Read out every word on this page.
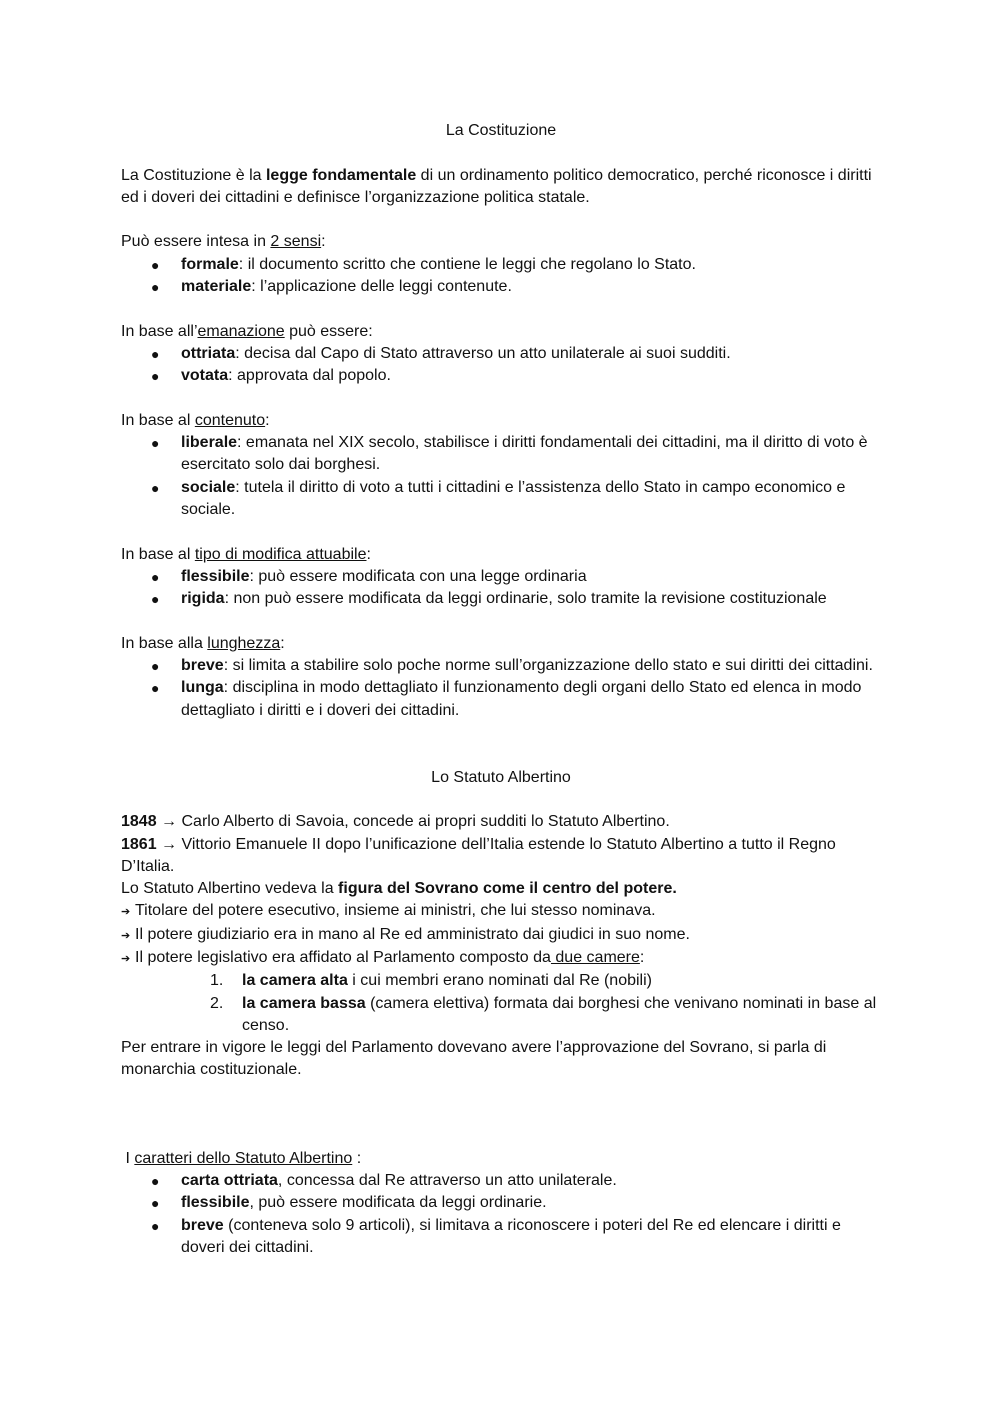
La Costituzione

La Costituzione è la legge fondamentale di un ordinamento politico democratico, perché riconosce i diritti ed i doveri dei cittadini e definisce l’organizzazione politica statale.

Può essere intesa in 2 sensi:

● formale: il documento scritto che contiene le leggi che regolano lo Stato.
● materiale: l’applicazione delle leggi contenute.

In base all’emanazione può essere:

● ottriata: decisa dal Capo di Stato attraverso un atto unilaterale ai suoi sudditi.
● votata: approvata dal popolo.

In base al contenuto:

● liberale: emanata nel XIX secolo, stabilisce i diritti fondamentali dei cittadini, ma il diritto di voto è esercitato solo dai borghesi.
● sociale: tutela il diritto di voto a tutti i cittadini e l’assistenza dello Stato in campo economico e sociale.

In base al tipo di modifica attuabile:

● flessibile: può essere modificata con una legge ordinaria
● rigida: non può essere modificata da leggi ordinarie, solo tramite la revisione costituzionale

In base alla lunghezza:

● breve: si limita a stabilire solo poche norme sull’organizzazione dello stato e sui diritti dei cittadini.
● lunga: disciplina in modo dettagliato il funzionamento degli organi dello Stato ed elenca in modo dettagliato i diritti e i doveri dei cittadini.

Lo Statuto Albertino

1848 → Carlo Alberto di Savoia, concede ai propri sudditi lo Statuto Albertino.

1861 → Vittorio Emanuele II dopo l’unificazione dell’Italia estende lo Statuto Albertino a tutto il Regno D’Italia.

Lo Statuto Albertino vedeva la figura del Sovrano come il centro del potere.

➔ Titolare del potere esecutivo, insieme ai ministri, che lui stesso nominava.

➔ Il potere giudiziario era in mano al Re ed amministrato dai giudici in suo nome.

➔ Il potere legislativo era affidato al Parlamento composto da due camere:

1. la camera alta i cui membri erano nominati dal Re (nobili)
2. la camera bassa (camera elettiva) formata dai borghesi che venivano nominati in base al censo.

Per entrare in vigore le leggi del Parlamento dovevano avere l’approvazione del Sovrano, si parla di monarchia costituzionale.

I caratteri dello Statuto Albertino :

● carta ottriata, concessa dal Re attraverso un atto unilaterale.
● flessibile, può essere modificata da leggi ordinarie.
● breve (conteneva solo 9 articoli), si limitava a riconoscere i poteri del Re ed elencare i diritti e doveri dei cittadini.
